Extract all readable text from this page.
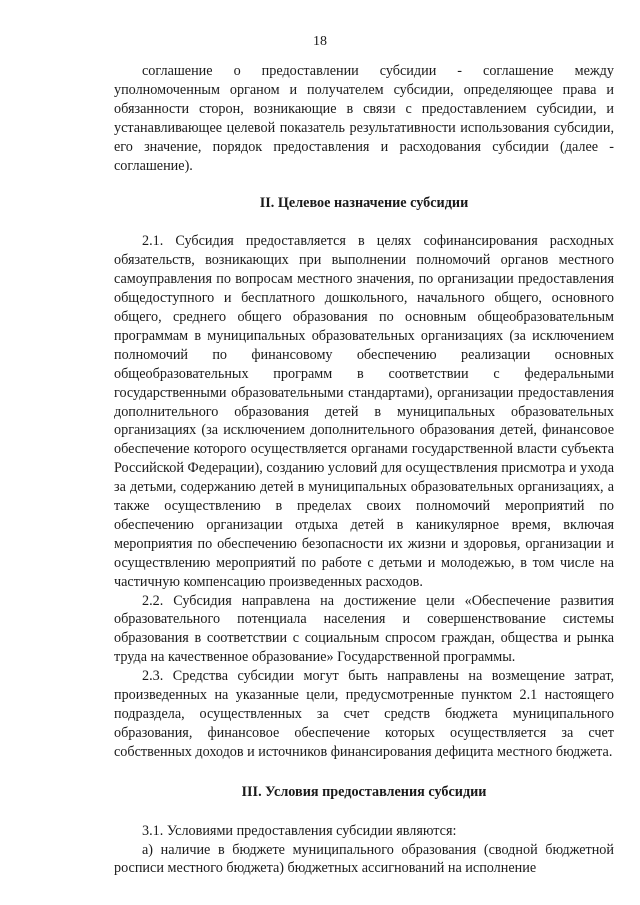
18

соглашение о предоставлении субсидии - соглашение между уполномоченным органом и получателем субсидии, определяющее права и обязанности сторон, возникающие в связи с предоставлением субсидии, и устанавливающее целевой показатель результативности использования субсидии, его значение, порядок предоставления и расходования субсидии (далее - соглашение).

II. Целевое назначение субсидии

2.1. Субсидия предоставляется в целях софинансирования расходных обязательств, возникающих при выполнении полномочий органов местного самоуправления по вопросам местного значения, по организации предоставления общедоступного и бесплатного дошкольного, начального общего, основного общего, среднего общего образования по основным общеобразовательным программам в муниципальных образовательных организациях (за исключением полномочий по финансовому обеспечению реализации основных общеобразовательных программ в соответствии с федеральными государственными образовательными стандартами), организации предоставления дополнительного образования детей в муниципальных образовательных организациях (за исключением дополнительного образования детей, финансовое обеспечение которого осуществляется органами государственной власти субъекта Российской Федерации), созданию условий для осуществления присмотра и ухода за детьми, содержанию детей в муниципальных образовательных организациях, а также осуществлению в пределах своих полномочий мероприятий по обеспечению организации отдыха детей в каникулярное время, включая мероприятия по обеспечению безопасности их жизни и здоровья, организации и осуществлению мероприятий по работе с детьми и молодежью, в том числе на частичную компенсацию произведенных расходов.

2.2. Субсидия направлена на достижение цели «Обеспечение развития образовательного потенциала населения и совершенствование системы образования в соответствии с социальным спросом граждан, общества и рынка труда на качественное образование» Государственной программы.

2.3. Средства субсидии могут быть направлены на возмещение затрат, произведенных на указанные цели, предусмотренные пунктом 2.1 настоящего подраздела, осуществленных за счет средств бюджета муниципального образования, финансовое обеспечение которых осуществляется за счет собственных доходов и источников финансирования дефицита местного бюджета.

III. Условия предоставления субсидии

3.1. Условиями предоставления субсидии являются:

а) наличие в бюджете муниципального образования (сводной бюджетной росписи местного бюджета) бюджетных ассигнований на исполнение
